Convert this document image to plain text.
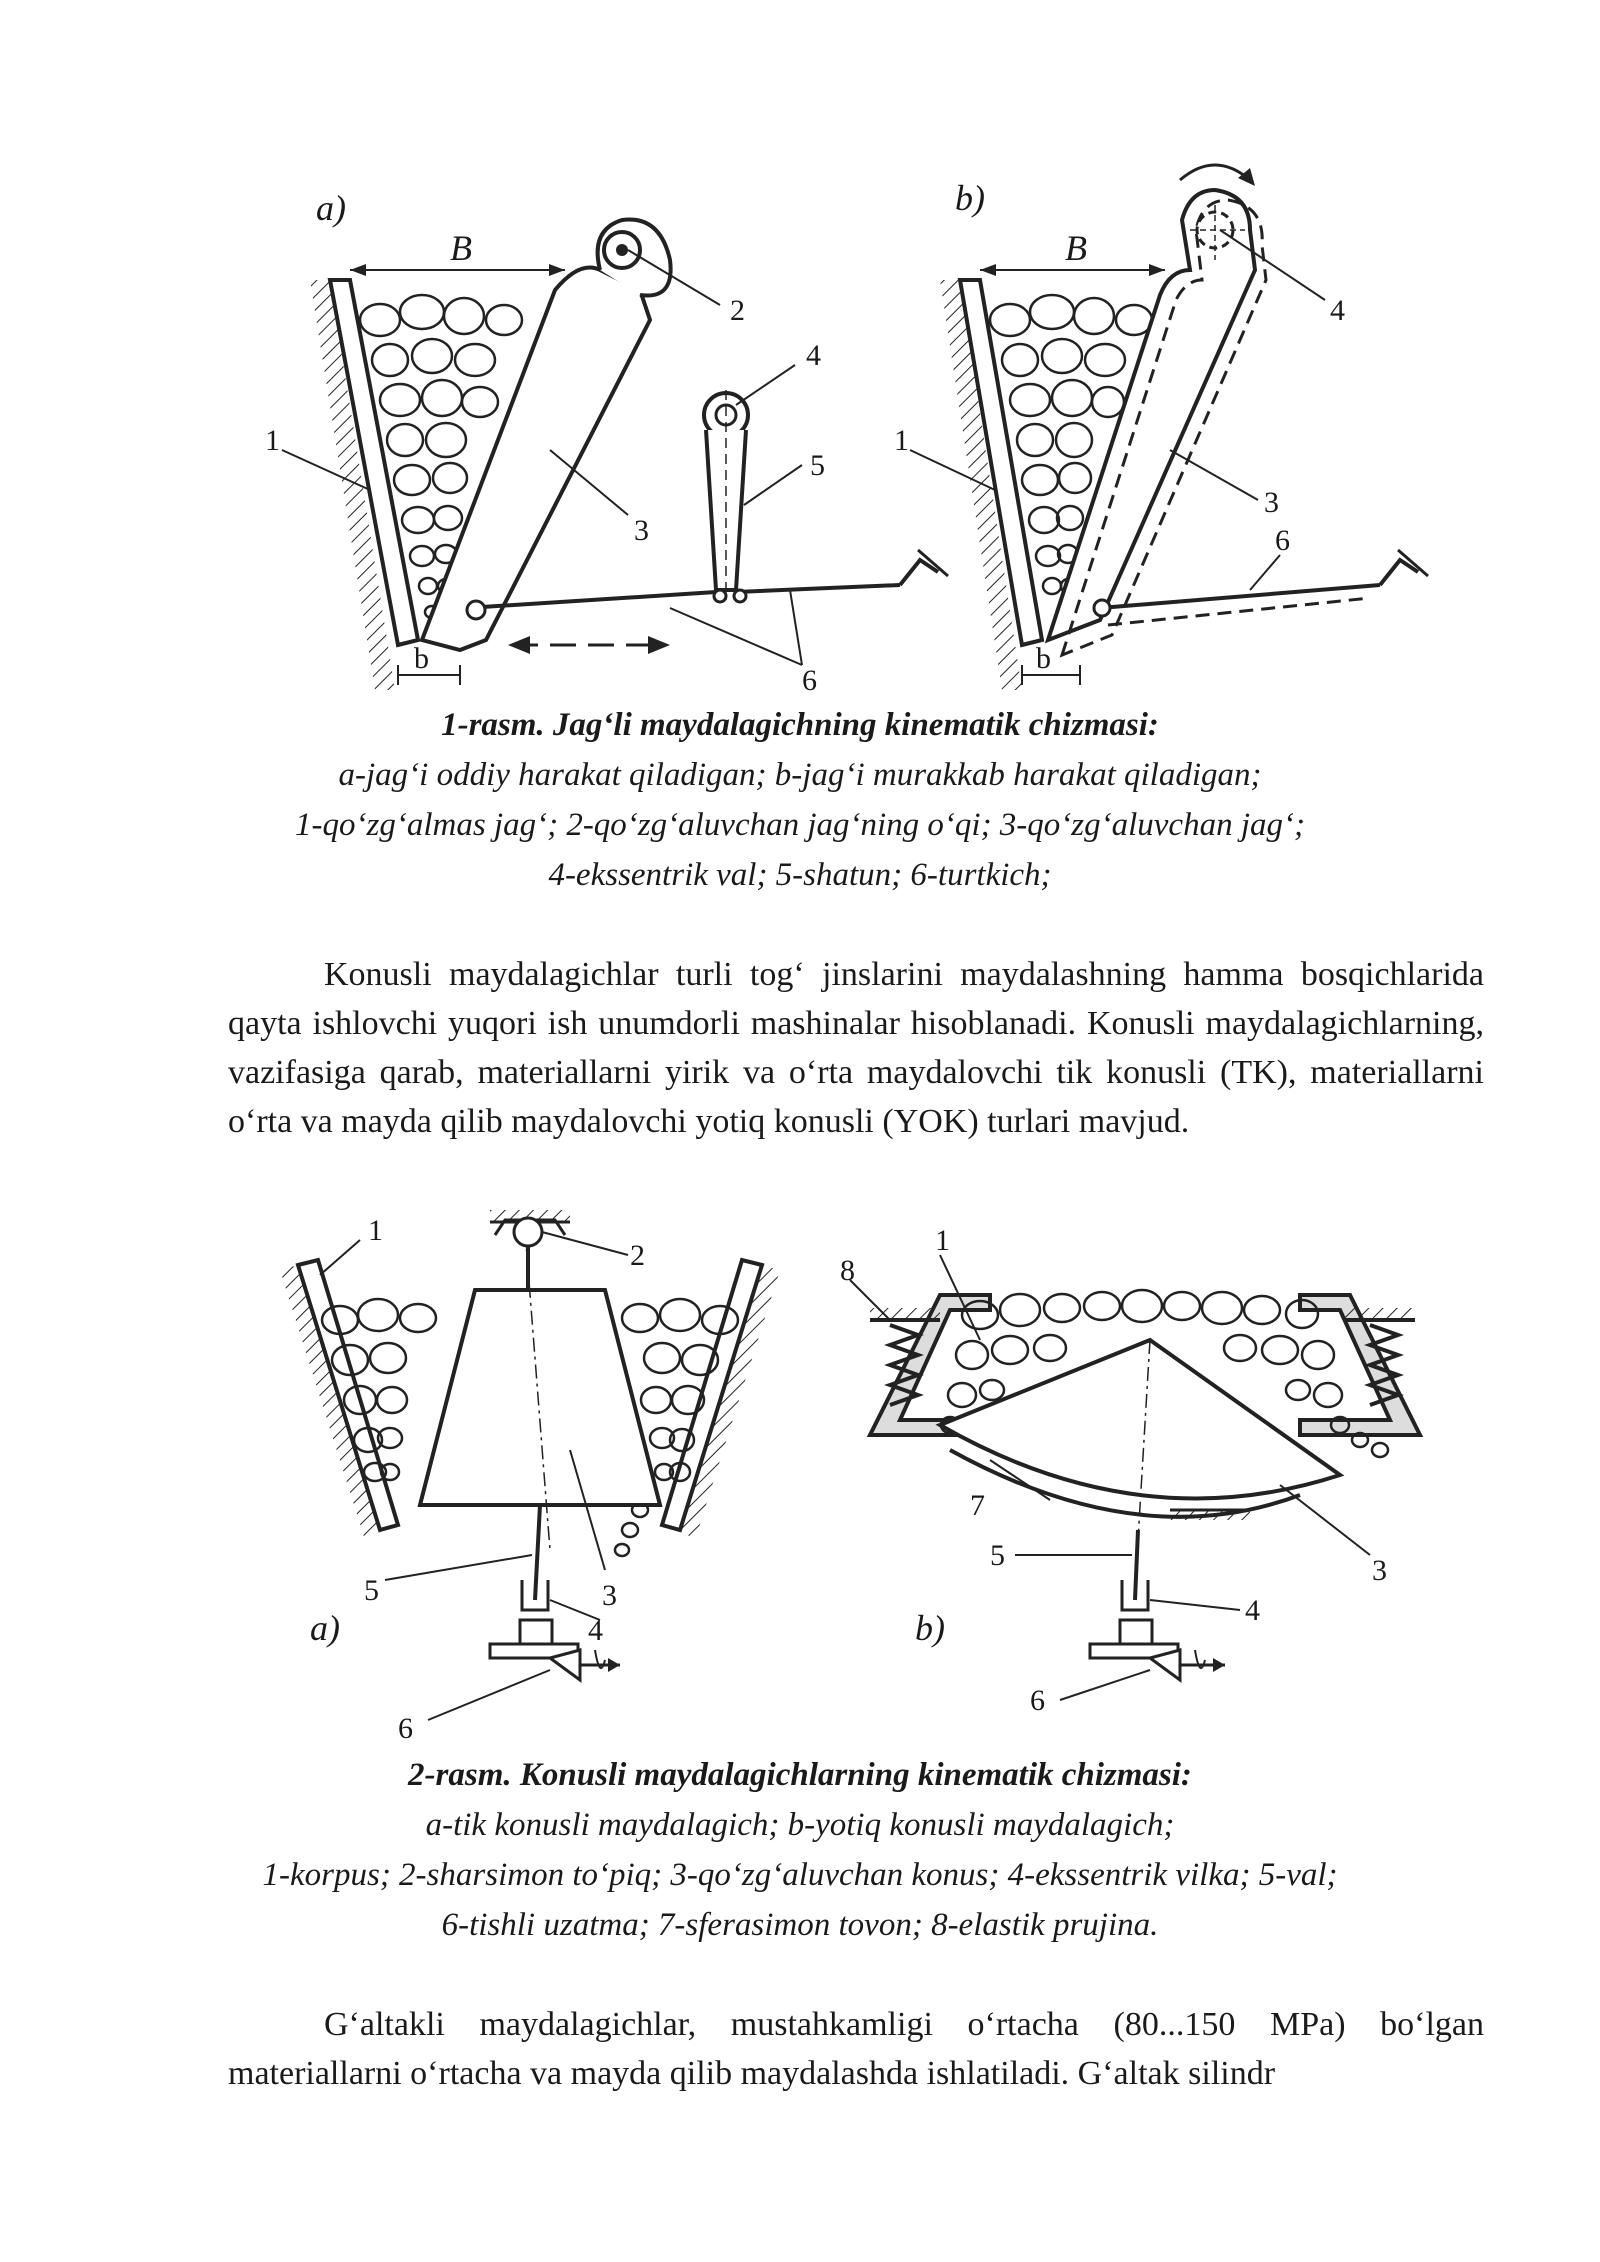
a)
B
b
1
2
3
4
5
6
b)
B
b
1
3
4
6
1-rasm. Jag‘li maydalagichning kinematik chizmasi:
a-jag‘i oddiy harakat qiladigan; b-jag‘i murakkab harakat qiladigan;
1-qo‘zg‘almas jag‘; 2-qo‘zg‘aluvchan jag‘ning o‘qi; 3-qo‘zg‘aluvchan jag‘;
4-ekssentrik val; 5-shatun; 6-turtkich;

Konusli maydalagichlar turli tog‘ jinslarini maydalashning hamma bosqichlarida qayta ishlovchi yuqori ish unumdorli mashinalar hisoblanadi. Konusli maydalagichlarning, vazifasiga qarab, materiallarni yirik va o‘rta maydalovchi tik konusli (TK), materiallarni o‘rta va mayda qilib maydalovchi yotiq konusli (YOK) turlari mavjud.

1
2
3
4
5
6
a)
1
3
4
5
6
7
8
b)
2-rasm. Konusli maydalagichlarning kinematik chizmasi:
a-tik konusli maydalagich; b-yotiq konusli maydalagich;
1-korpus; 2-sharsimon to‘piq; 3-qo‘zg‘aluvchan konus; 4-ekssentrik vilka; 5-val;
6-tishli uzatma; 7-sferasimon tovon; 8-elastik prujina.

G‘altakli maydalagichlar, mustahkamligi o‘rtacha (80...150 MPa) bo‘lgan materiallarni o‘rtacha va mayda qilib maydalashda ishlatiladi. G‘altak silindr
